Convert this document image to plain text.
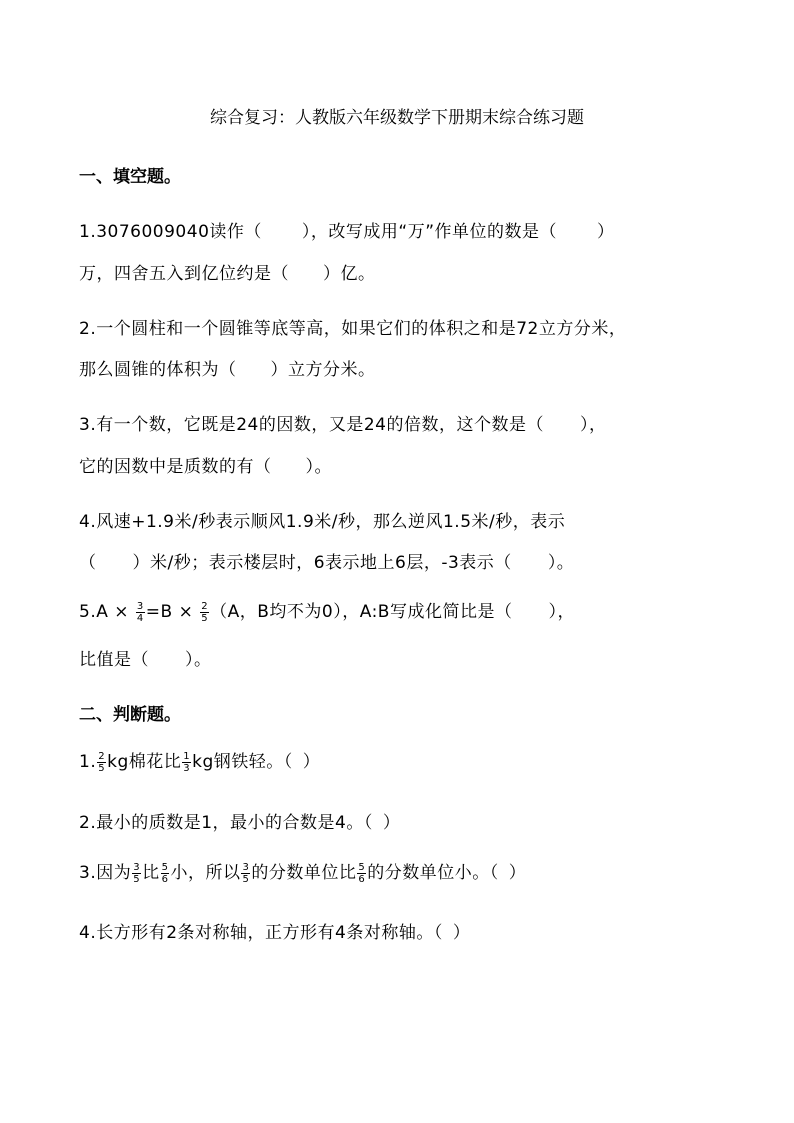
综合复习：人教版六年级数学下册期末综合练习题
一、填空题。
1.3076009040读作（ ），改写成用“万”作单位的数是（ ）
万，四舍五入到亿位约是（ ）亿。
2.一个圆柱和一个圆锥等底等高，如果它们的体积之和是72立方分米，
那么圆锥的体积为（ ）立方分米。
3.有一个数，它既是24的因数，又是24的倍数，这个数是（ ），
它的因数中是质数的有（ ）。
4.风速+1.9米/秒表示顺风1.9米/秒，那么逆风1.5米/秒，表示
（ ）米/秒；表示楼层时，6表示地上6层，-3表示（ ）。
$5.A \times \frac{3}{4} =B \times \frac{2}{5} (A$，B均不为0），A:B写成化简比是（ ），
比值是（ ）。
二、判断题。
1. $\frac{2}{5}$ kg棉花比 $\frac{1}{3}$ kg钢铁轻。（ ）
2.最小的质数是1，最小的合数是4。（ ）
3.因为 $\frac{3}{5}$ 比 $\frac{5}{6}$ 小，所以 $\frac{3}{5}$ 的分数单位比 $\frac{5}{6}$ 的分数单位小。（ ）
4.长方形有2条对称轴，正方形有4条对称轴。（ ）
